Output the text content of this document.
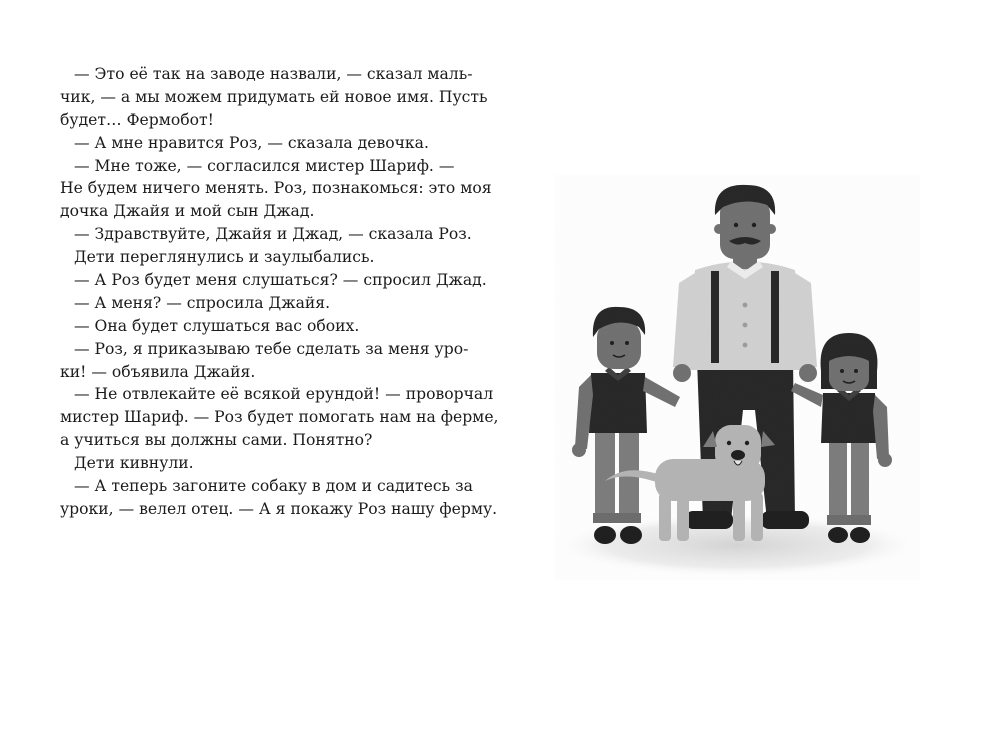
— Это её так на заводе назвали, — сказал маль-
чик, — а мы можем придумать ей новое имя. Пусть
будет… Фермобот!
— А мне нравится Роз, — сказала девочка.
— Мне тоже, — согласился мистер Шариф. —
Не будем ничего менять. Роз, познакомься: это моя
дочка Джайя и мой сын Джад.
— Здравствуйте, Джайя и Джад, — сказала Роз.
Дети переглянулись и заулыбались.
— А Роз будет меня слушаться? — спросил Джад.
— А меня? — спросила Джайя.
— Она будет слушаться вас обоих.
— Роз, я приказываю тебе сделать за меня уро-
ки! — объявила Джайя.
— Не отвлекайте её всякой ерундой! — проворчал
мистер Шариф. — Роз будет помогать нам на ферме,
а учиться вы должны сами. Понятно?
Дети кивнули.
— А теперь загоните собаку в дом и садитесь за
уроки, — велел отец. — А я покажу Роз нашу ферму.
